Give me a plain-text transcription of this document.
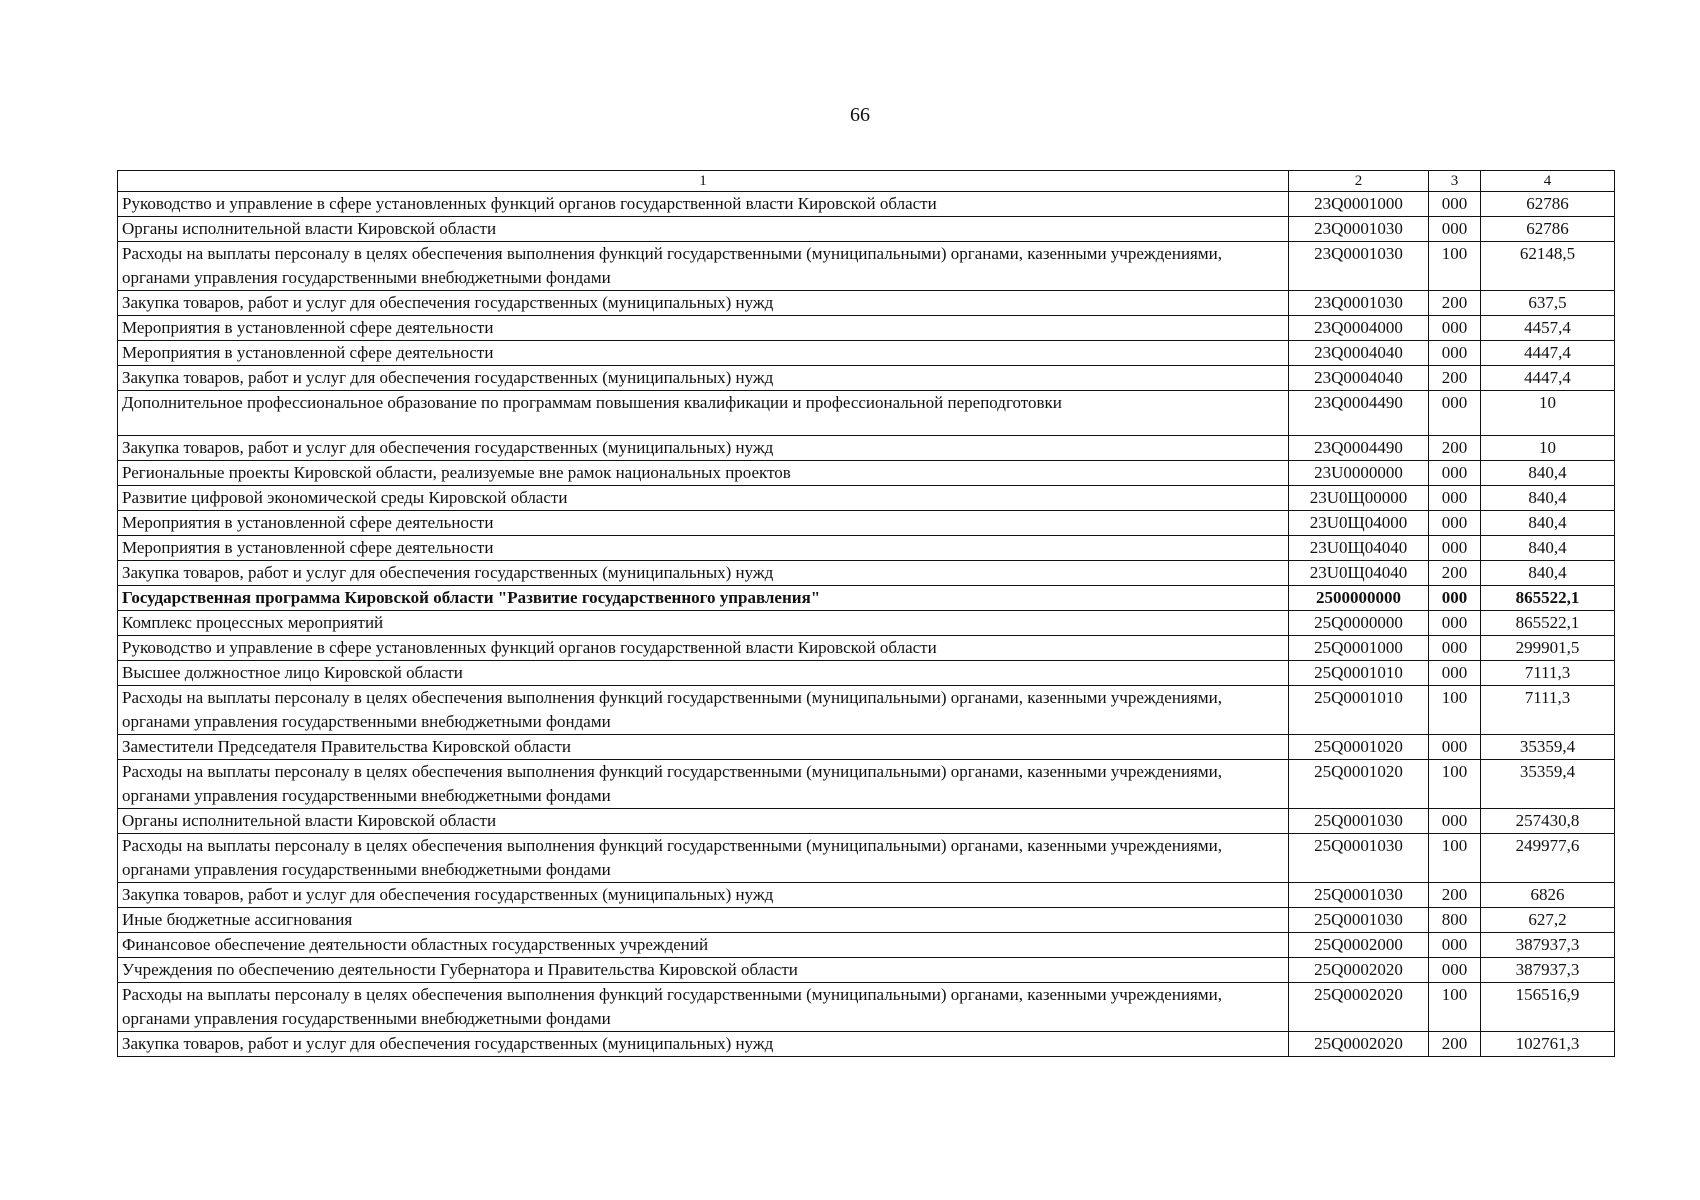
66
1	2	3	4
Руководство и управление в сфере установленных функций органов государственной власти Кировской области	23Q0001000	000	62786
Органы исполнительной власти Кировской области	23Q0001030	000	62786
Расходы на выплаты персоналу в целях обеспечения выполнения функций государственными (муниципальными) органами, казенными учреждениями, органами управления государственными внебюджетными фондами	23Q0001030	100	62148,5
Закупка товаров, работ и услуг для обеспечения государственных (муниципальных) нужд	23Q0001030	200	637,5
Мероприятия в установленной сфере деятельности	23Q0004000	000	4457,4
Мероприятия в установленной сфере деятельности	23Q0004040	000	4447,4
Закупка товаров, работ и услуг для обеспечения государственных (муниципальных) нужд	23Q0004040	200	4447,4
Дополнительное профессиональное образование по программам повышения квалификации и профессиональной переподготовки	23Q0004490	000	10
Закупка товаров, работ и услуг для обеспечения государственных (муниципальных) нужд	23Q0004490	200	10
Региональные проекты Кировской области, реализуемые вне рамок национальных проектов	23U0000000	000	840,4
Развитие цифровой экономической среды Кировской области	23U0Щ00000	000	840,4
Мероприятия в установленной сфере деятельности	23U0Щ04000	000	840,4
Мероприятия в установленной сфере деятельности	23U0Щ04040	000	840,4
Закупка товаров, работ и услуг для обеспечения государственных (муниципальных) нужд	23U0Щ04040	200	840,4
Государственная программа Кировской области "Развитие государственного управления"	2500000000	000	865522,1
Комплекс процессных мероприятий	25Q0000000	000	865522,1
Руководство и управление в сфере установленных функций органов государственной власти Кировской области	25Q0001000	000	299901,5
Высшее должностное лицо Кировской области	25Q0001010	000	7111,3
Расходы на выплаты персоналу в целях обеспечения выполнения функций государственными (муниципальными) органами, казенными учреждениями, органами управления государственными внебюджетными фондами	25Q0001010	100	7111,3
Заместители Председателя Правительства Кировской области	25Q0001020	000	35359,4
Расходы на выплаты персоналу в целях обеспечения выполнения функций государственными (муниципальными) органами, казенными учреждениями, органами управления государственными внебюджетными фондами	25Q0001020	100	35359,4
Органы исполнительной власти Кировской области	25Q0001030	000	257430,8
Расходы на выплаты персоналу в целях обеспечения выполнения функций государственными (муниципальными) органами, казенными учреждениями, органами управления государственными внебюджетными фондами	25Q0001030	100	249977,6
Закупка товаров, работ и услуг для обеспечения государственных (муниципальных) нужд	25Q0001030	200	6826
Иные бюджетные ассигнования	25Q0001030	800	627,2
Финансовое обеспечение деятельности областных государственных учреждений	25Q0002000	000	387937,3
Учреждения по обеспечению деятельности Губернатора и Правительства Кировской области	25Q0002020	000	387937,3
Расходы на выплаты персоналу в целях обеспечения выполнения функций государственными (муниципальными) органами, казенными учреждениями, органами управления государственными внебюджетными фондами	25Q0002020	100	156516,9
Закупка товаров, работ и услуг для обеспечения государственных (муниципальных) нужд	25Q0002020	200	102761,3
